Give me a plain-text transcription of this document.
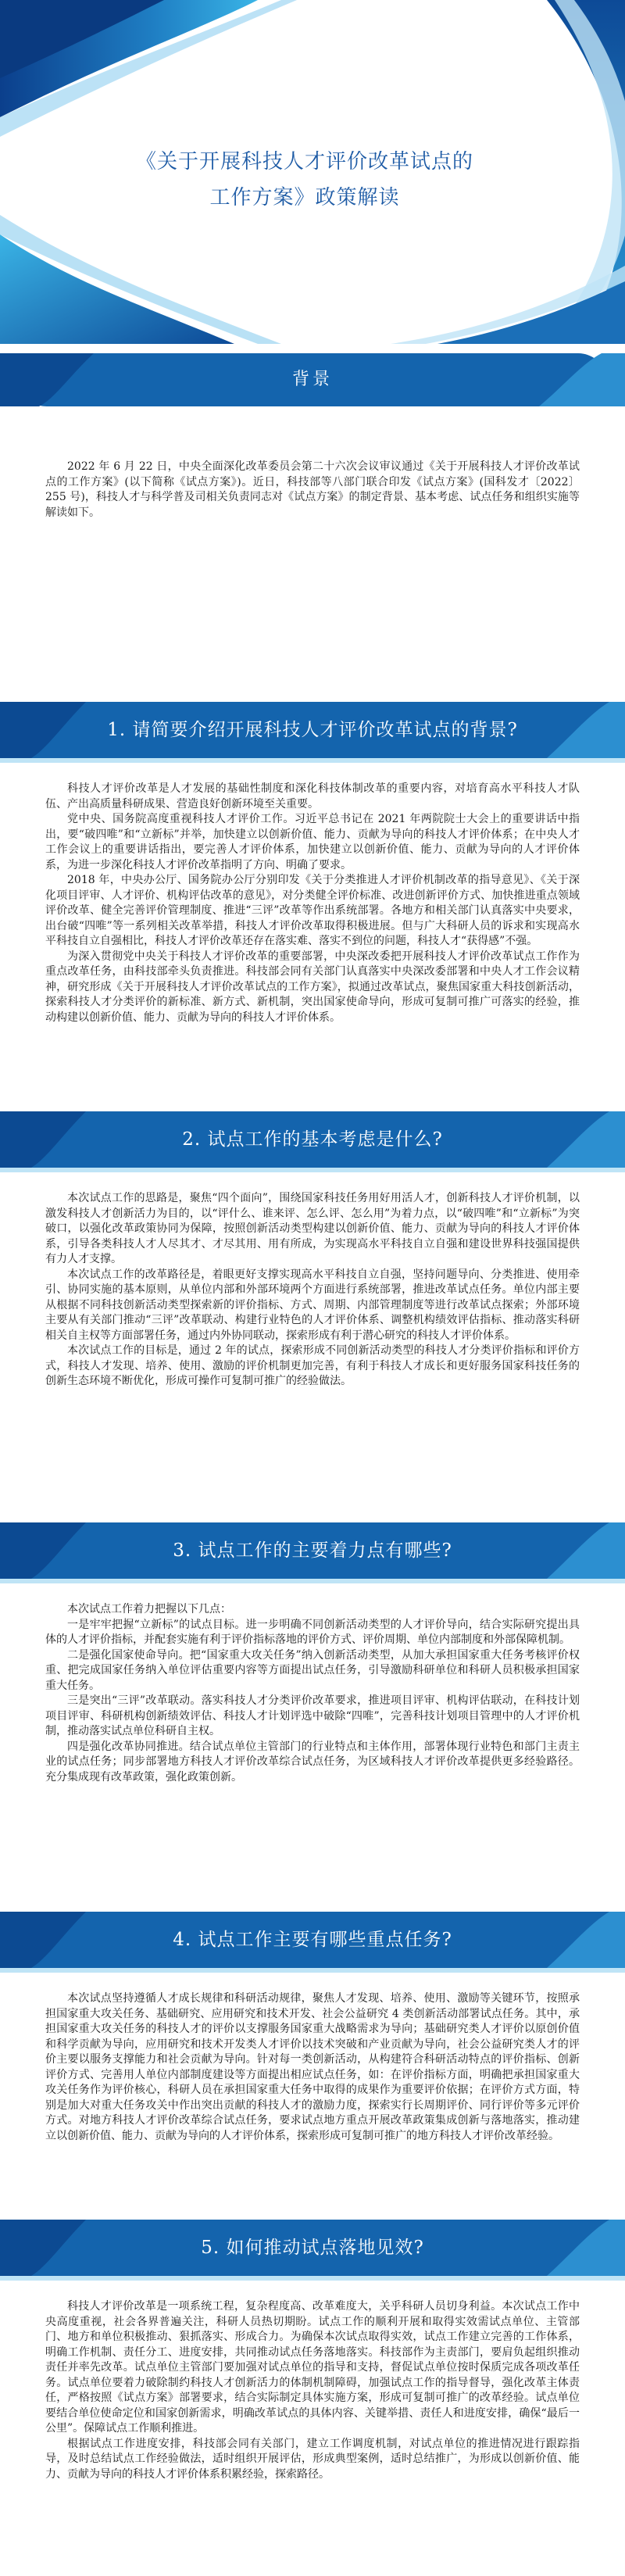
《关于开展科技人才评价改革试点的
工作方案》政策解读
背景

2022 年 6 月 22 日，中央全面深化改革委员会第二十六次会议审议通过《关于开展科技人才评价改革试点的工作方案》(以下简称《试点方案》)。近日，科技部等八部门联合印发《试点方案》(国科发才〔2022〕255 号)，科技人才与科学普及司相关负责同志对《试点方案》的制定背景、基本考虑、试点任务和组织实施等解读如下。

1. 请简要介绍开展科技人才评价改革试点的背景?

科技人才评价改革是人才发展的基础性制度和深化科技体制改革的重要内容，对培育高水平科技人才队伍、产出高质量科研成果、营造良好创新环境至关重要。

党中央、国务院高度重视科技人才评价工作。习近平总书记在 2021 年两院院士大会上的重要讲话中指出，要“破四唯”和“立新标”并举，加快建立以创新价值、能力、贡献为导向的科技人才评价体系；在中央人才工作会议上的重要讲话指出，要完善人才评价体系，加快建立以创新价值、能力、贡献为导向的人才评价体系，为进一步深化科技人才评价改革指明了方向、明确了要求。

2018 年，中央办公厅、国务院办公厅分别印发《关于分类推进人才评价机制改革的指导意见》、《关于深化项目评审、人才评价、机构评估改革的意见》，对分类健全评价标准、改进创新评价方式、加快推进重点领域评价改革、健全完善评价管理制度、推进“三评”改革等作出系统部署。各地方和相关部门认真落实中央要求，出台破“四唯”等一系列相关改革举措，科技人才评价改革取得积极进展。但与广大科研人员的诉求和实现高水平科技自立自强相比，科技人才评价改革还存在落实难、落实不到位的问题，科技人才“获得感”不强。

为深入贯彻党中央关于科技人才评价改革的重要部署，中央深改委把开展科技人才评价改革试点工作作为重点改革任务，由科技部牵头负责推进。科技部会同有关部门认真落实中央深改委部署和中央人才工作会议精神，研究形成《关于开展科技人才评价改革试点的工作方案》，拟通过改革试点，聚焦国家重大科技创新活动，探索科技人才分类评价的新标准、新方式、新机制，突出国家使命导向，形成可复制可推广可落实的经验，推动构建以创新价值、能力、贡献为导向的科技人才评价体系。

2. 试点工作的基本考虑是什么?

本次试点工作的思路是，聚焦“四个面向”，围绕国家科技任务用好用活人才，创新科技人才评价机制，以激发科技人才创新活力为目的，以“评什么、谁来评、怎么评、怎么用”为着力点，以“破四唯”和“立新标”为突破口，以强化改革政策协同为保障，按照创新活动类型构建以创新价值、能力、贡献为导向的科技人才评价体系，引导各类科技人才人尽其才、才尽其用、用有所成，为实现高水平科技自立自强和建设世界科技强国提供有力人才支撑。

本次试点工作的改革路径是，着眼更好支撑实现高水平科技自立自强，坚持问题导向、分类推进、使用牵引、协同实施的基本原则，从单位内部和外部环境两个方面进行系统部署，推进改革试点任务。单位内部主要从根据不同科技创新活动类型探索新的评价指标、方式、周期、内部管理制度等进行改革试点探索；外部环境主要从有关部门推动“三评”改革联动、构建行业特色的人才评价体系、调整机构绩效评估指标、推动落实科研相关自主权等方面部署任务，通过内外协同联动，探索形成有利于潜心研究的科技人才评价体系。

本次试点工作的目标是，通过 2 年的试点，探索形成不同创新活动类型的科技人才分类评价指标和评价方式，科技人才发现、培养、使用、激励的评价机制更加完善，有利于科技人才成长和更好服务国家科技任务的创新生态环境不断优化，形成可操作可复制可推广的经验做法。

3. 试点工作的主要着力点有哪些?

本次试点工作着力把握以下几点：

一是牢牢把握“立新标”的试点目标。进一步明确不同创新活动类型的人才评价导向，结合实际研究提出具体的人才评价指标，并配套实施有利于评价指标落地的评价方式、评价周期、单位内部制度和外部保障机制。

二是强化国家使命导向。把“国家重大攻关任务”纳入创新活动类型，从加大承担国家重大任务考核评价权重、把完成国家任务纳入单位评估重要内容等方面提出试点任务，引导激励科研单位和科研人员积极承担国家重大任务。

三是突出“三评”改革联动。落实科技人才分类评价改革要求，推进项目评审、机构评估联动，在科技计划项目评审、科研机构创新绩效评估、科技人才计划评选中破除“四唯”，完善科技计划项目管理中的人才评价机制，推动落实试点单位科研自主权。

四是强化改革协同推进。结合试点单位主管部门的行业特点和主体作用，部署体现行业特色和部门主责主业的试点任务；同步部署地方科技人才评价改革综合试点任务，为区域科技人才评价改革提供更多经验路径。充分集成现有改革政策，强化政策创新。

4. 试点工作主要有哪些重点任务?

本次试点坚持遵循人才成长规律和科研活动规律，聚焦人才发现、培养、使用、激励等关键环节，按照承担国家重大攻关任务、基础研究、应用研究和技术开发、社会公益研究 4 类创新活动部署试点任务。其中，承担国家重大攻关任务的科技人才的评价以支撑服务国家重大战略需求为导向；基础研究类人才评价以原创价值和科学贡献为导向，应用研究和技术开发类人才评价以技术突破和产业贡献为导向，社会公益研究类人才的评价主要以服务支撑能力和社会贡献为导向。针对每一类创新活动，从构建符合科研活动特点的评价指标、创新评价方式、完善用人单位内部制度建设等方面提出相应试点任务，如：在评价指标方面，明确把承担国家重大攻关任务作为评价核心，科研人员在承担国家重大任务中取得的成果作为重要评价依据；在评价方式方面，特别是加大对重大任务攻关中作出突出贡献的科技人才的激励力度，探索实行长周期评价、同行评价等多元评价方式。对地方科技人才评价改革综合试点任务，要求试点地方重点开展改革政策集成创新与落地落实，推动建立以创新价值、能力、贡献为导向的人才评价体系，探索形成可复制可推广的地方科技人才评价改革经验。

5. 如何推动试点落地见效?

科技人才评价改革是一项系统工程，复杂程度高、改革难度大，关乎科研人员切身利益。本次试点工作中央高度重视，社会各界普遍关注，科研人员热切期盼。试点工作的顺利开展和取得实效需试点单位、主管部门、地方和单位积极推动、狠抓落实、形成合力。为确保本次试点取得实效，试点工作建立完善的工作体系，明确工作机制、责任分工、进度安排，共同推动试点任务落地落实。科技部作为主责部门，要肩负起组织推动责任并率先改革。试点单位主管部门要加强对试点单位的指导和支持，督促试点单位按时保质完成各项改革任务。试点单位要着力破除制约科技人才创新活力的体制机制障碍，加强试点工作的指导督导，强化改革主体责任，严格按照《试点方案》部署要求，结合实际制定具体实施方案，形成可复制可推广的改革经验。试点单位要结合单位使命定位和国家创新需求，明确改革试点的具体内容、关键举措、责任人和进度安排，确保“最后一公里”。保障试点工作顺利推进。

根据试点工作进度安排，科技部会同有关部门，建立工作调度机制，对试点单位的推进情况进行跟踪指导，及时总结试点工作经验做法，适时组织开展评估，形成典型案例，适时总结推广，为形成以创新价值、能力、贡献为导向的科技人才评价体系积累经验，探索路径。
